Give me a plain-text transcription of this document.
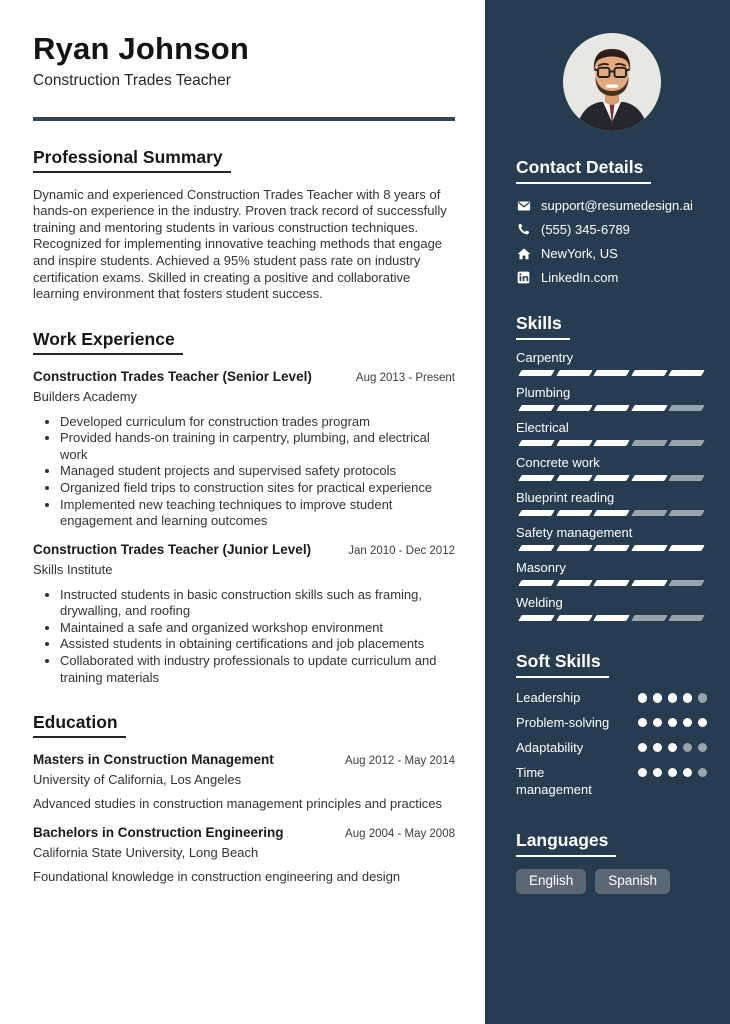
Ryan Johnson
Construction Trades Teacher
Professional Summary

Dynamic and experienced Construction Trades Teacher with 8 years of hands-on experience in the industry. Proven track record of successfully training and mentoring students in various construction techniques. Recognized for implementing innovative teaching methods that engage and inspire students. Achieved a 95% student pass rate on industry certification exams. Skilled in creating a positive and collaborative learning environment that fosters student success.

Work Experience
Construction Trades Teacher (Senior Level)	Aug 2013 - Present
Builders Academy
• Developed curriculum for construction trades program
• Provided hands-on training in carpentry, plumbing, and electrical work
• Managed student projects and supervised safety protocols
• Organized field trips to construction sites for practical experience
• Implemented new teaching techniques to improve student engagement and learning outcomes
Construction Trades Teacher (Junior Level)	Jan 2010 - Dec 2012
Skills Institute
• Instructed students in basic construction skills such as framing, drywalling, and roofing
• Maintained a safe and organized workshop environment
• Assisted students in obtaining certifications and job placements
• Collaborated with industry professionals to update curriculum and training materials
Education
Masters in Construction Management	Aug 2012 - May 2014
University of California, Los Angeles
Advanced studies in construction management principles and practices
Bachelors in Construction Engineering	Aug 2004 - May 2008
California State University, Long Beach
Foundational knowledge in construction engineering and design
Contact Details
support@resumedesign.ai
(555) 345-6789
NewYork, US
LinkedIn.com
Skills
Carpentry
Plumbing
Electrical
Concrete work
Blueprint reading
Safety management
Masonry
Welding
Soft Skills
Leadership
Problem-solving
Adaptability
Time management
Languages
English	Spanish
